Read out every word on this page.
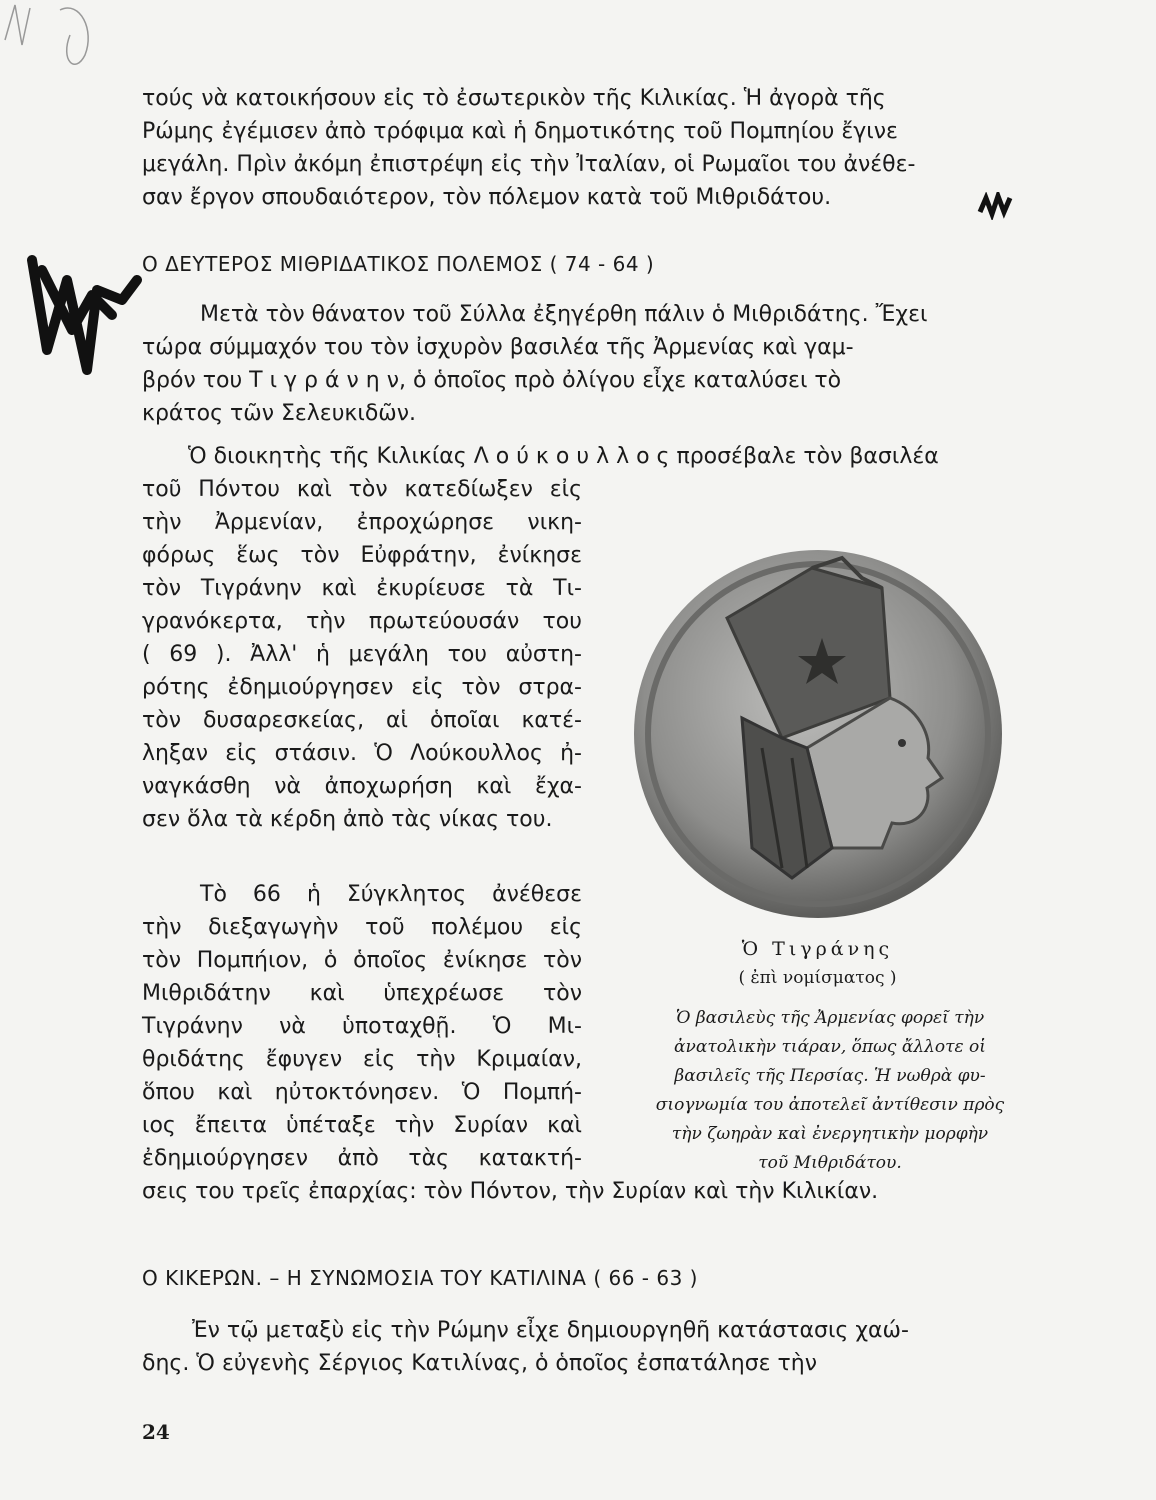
τούς νὰ κατοικήσουν εἰς τὸ ἐσωτερικὸν τῆς Κιλικίας. Ἡ ἀγορὰ τῆς
Ρώμης ἐγέμισεν ἀπὸ τρόφιμα καὶ ἡ δημοτικότης τοῦ Πομπηίου ἔγινε
μεγάλη. Πρὶν ἀκόμη ἐπιστρέψη εἰς τὴν Ἰταλίαν, οἱ Ρωμαῖοι του ἀνέθε-
σαν ἔργον σπουδαιότερον, τὸν πόλεμον κατὰ τοῦ Μιθριδάτου.

Ο ΔΕΥΤΕΡΟΣ ΜΙΘΡΙΔΑΤΙΚΟΣ ΠΟΛΕΜΟΣ ( 74 - 64 )

Μετὰ τὸν θάνατον τοῦ Σύλλα ἐξηγέρθη πάλιν ὁ Μιθριδάτης. Ἔχει
τώρα σύμμαχόν του τὸν ἰσχυρὸν βασιλέα τῆς Ἀρμενίας καὶ γαμ-
βρόν του Τ ι γ ρ ά ν η ν, ὁ ὁποῖος πρὸ ὀλίγου εἶχε καταλύσει τὸ
κράτος τῶν Σελευκιδῶν.
Ὁ διοικητὴς τῆς Κιλικίας Λ ο ύ κ ο υ λ λ ο ς προσέβαλε τὸν βασιλέα
τοῦ Πόντου καὶ τὸν κατεδίωξεν εἰς
τὴν Ἀρμενίαν, ἐπροχώρησε νικη-
φόρως ἕως τὸν Εὐφράτην, ἐνίκησε
τὸν Τιγράνην καὶ ἐκυρίευσε τὰ Τι-
γρανόκερτα, τὴν πρωτεύουσάν του
( 69 ). Ἀλλ' ἡ μεγάλη του αὐστη-
ρότης ἐδημιούργησεν εἰς τὸν στρα-
τὸν δυσαρεσκείας, αἱ ὁποῖαι κατέ-
ληξαν εἰς στάσιν. Ὁ Λούκουλλος ἠ-
ναγκάσθη νὰ ἀποχωρήση καὶ ἔχα-
σεν ὅλα τὰ κέρδη ἀπὸ τὰς νίκας του.
Τὸ 66 ἡ Σύγκλητος ἀνέθεσε
τὴν διεξαγωγὴν τοῦ πολέμου εἰς
τὸν Πομπήιον, ὁ ὁποῖος ἐνίκησε τὸν
Μιθριδάτην καὶ ὑπεχρέωσε τὸν
Τιγράνην νὰ ὑποταχθῇ. Ὁ Μι-
θριδάτης ἔφυγεν εἰς τὴν Κριμαίαν,
ὅπου καὶ ηὐτοκτόνησεν. Ὁ Πομπή-
ιος ἔπειτα ὑπέταξε τὴν Συρίαν καὶ
ἐδημιούργησεν ἀπὸ τὰς κατακτή-
σεις του τρεῖς ἐπαρχίας: τὸν Πόντον, τὴν Συρίαν καὶ τὴν Κιλικίαν.

Ὁ Τιγράνης

( ἐπὶ νομίσματος )

Ὁ βασιλεὺς τῆς Ἀρμενίας φορεῖ τὴν
ἀνατολικὴν τιάραν, ὅπως ἄλλοτε οἱ
βασιλεῖς τῆς Περσίας. Ἡ νωθρὰ φυ-
σιογνωμία του ἀποτελεῖ ἀντίθεσιν πρὸς
τὴν ζωηρὰν καὶ ἐνεργητικὴν μορφὴν
τοῦ Μιθριδάτου.

Ο ΚΙΚΕΡΩΝ. – Η ΣΥΝΩΜΟΣΙΑ ΤΟΥ ΚΑΤΙΛΙΝΑ ( 66 - 63 )

Ἐν τῷ μεταξὺ εἰς τὴν Ρώμην εἶχε δημιουργηθῆ κατάστασις χαώ-
δης. Ὁ εὐγενὴς Σέργιος Κατιλίνας, ὁ ὁποῖος ἐσπατάλησε τὴν

24
